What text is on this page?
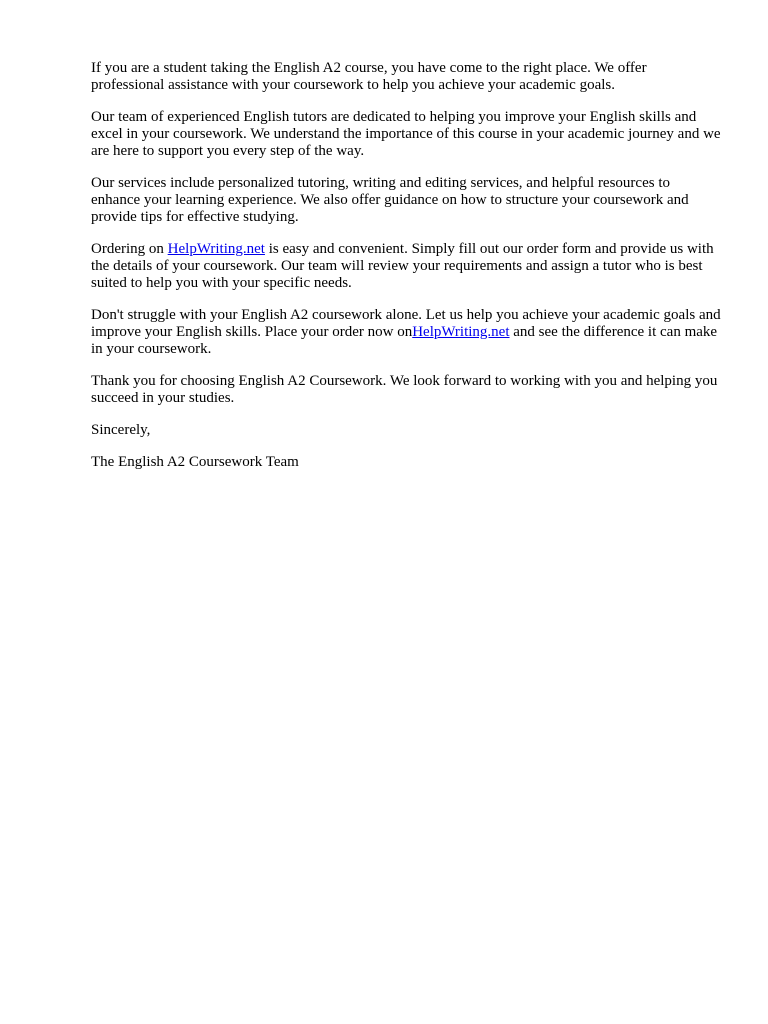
If you are a student taking the English A2 course, you have come to the right place. We offer professional assistance with your coursework to help you achieve your academic goals.

Our team of experienced English tutors are dedicated to helping you improve your English skills and excel in your coursework. We understand the importance of this course in your academic journey and we are here to support you every step of the way.

Our services include personalized tutoring, writing and editing services, and helpful resources to enhance your learning experience. We also offer guidance on how to structure your coursework and provide tips for effective studying.

Ordering on HelpWriting.net is easy and convenient. Simply fill out our order form and provide us with the details of your coursework. Our team will review your requirements and assign a tutor who is best suited to help you with your specific needs.

Don't struggle with your English A2 coursework alone. Let us help you achieve your academic goals and improve your English skills. Place your order now onHelpWriting.net and see the difference it can make in your coursework.

Thank you for choosing English A2 Coursework. We look forward to working with you and helping you succeed in your studies.

Sincerely,

The English A2 Coursework Team
